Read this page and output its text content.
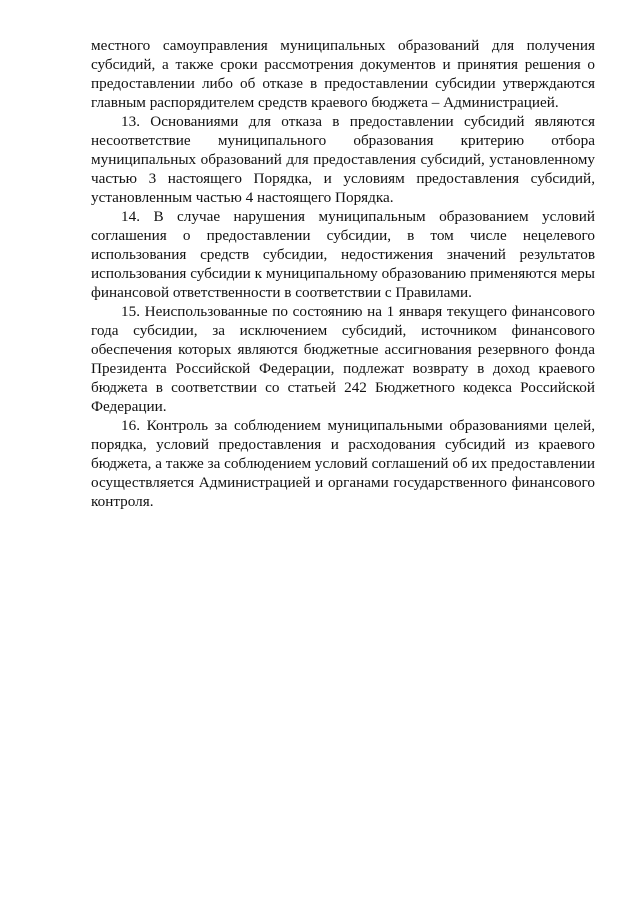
местного самоуправления муниципальных образований для получения субсидий, а также сроки рассмотрения документов и принятия решения о предоставлении либо об отказе в предоставлении субсидии утверждаются главным распорядителем средств краевого бюджета – Администрацией.

13. Основаниями для отказа в предоставлении субсидий являются несоответствие муниципального образования критерию отбора муниципальных образований для предоставления субсидий, установленному частью 3 настоящего Порядка, и условиям предоставления субсидий, установленным частью 4 настоящего Порядка.

14. В случае нарушения муниципальным образованием условий соглашения о предоставлении субсидии, в том числе нецелевого использования средств субсидии, недостижения значений результатов использования субсидии к муниципальному образованию применяются меры финансовой ответственности в соответствии с Правилами.

15. Неиспользованные по состоянию на 1 января текущего финансового года субсидии, за исключением субсидий, источником финансового обеспечения которых являются бюджетные ассигнования резервного фонда Президента Российской Федерации, подлежат возврату в доход краевого бюджета в соответствии со статьей 242 Бюджетного кодекса Российской Федерации.

16. Контроль за соблюдением муниципальными образованиями целей, порядка, условий предоставления и расходования субсидий из краевого бюджета, а также за соблюдением условий соглашений об их предоставлении осуществляется Администрацией и органами государственного финансового контроля.
